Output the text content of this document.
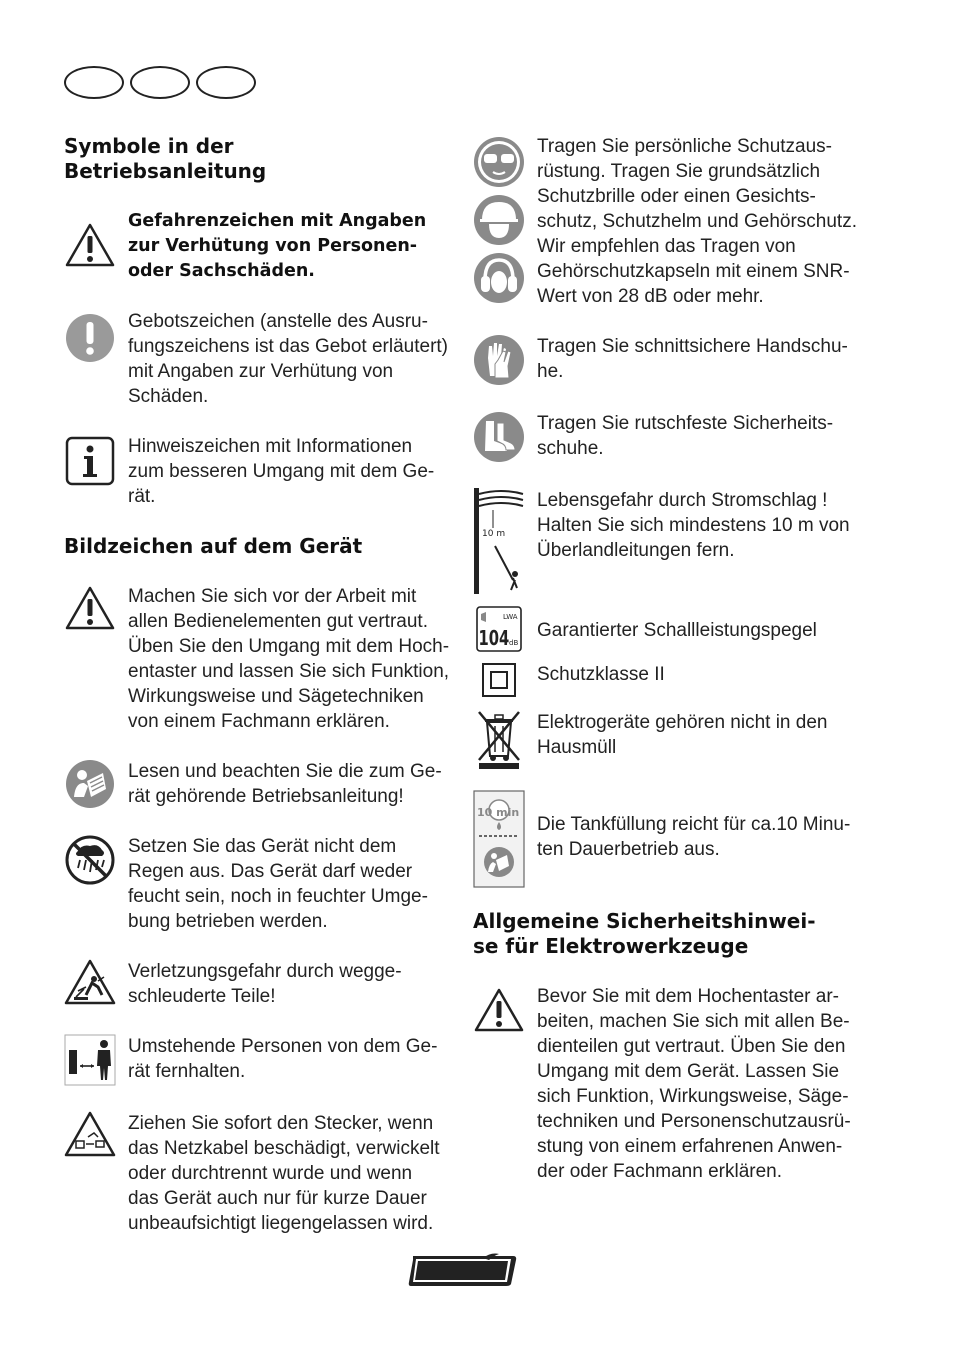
Symbole in der
Betriebsanleitung
Gefahrenzeichen mit Angaben
zur Verhütung von Personen-
oder Sachschäden.
Gebotszeichen (anstelle des Ausru-
fungszeichens ist das Gebot erläutert)
mit Angaben zur Verhütung von
Schäden.
Hinweiszeichen mit Informationen
zum besseren Umgang mit dem Ge-
rät.
Bildzeichen auf dem Gerät
Machen Sie sich vor der Arbeit mit
allen Bedienelementen gut vertraut.
Üben Sie den Umgang mit dem Hoch-
entaster und lassen Sie sich Funktion,
Wirkungsweise und Sägetechniken
von einem Fachmann erklären.
Lesen und beachten Sie die zum Ge-
rät gehörende Betriebsanleitung!
Setzen Sie das Gerät nicht dem
Regen aus. Das Gerät darf weder
feucht sein, noch in feuchter Umge-
bung betrieben werden.
Verletzungsgefahr durch wegge-
schleuderte Teile!
Umstehende Personen von dem Ge-
rät fernhalten.
Ziehen Sie sofort den Stecker, wenn
das Netzkabel beschädigt, verwickelt
oder durchtrennt wurde und wenn
das Gerät auch nur für kurze Dauer
unbeaufsichtigt liegengelassen wird.
Tragen Sie persönliche Schutzaus-
rüstung. Tragen Sie grundsätzlich
Schutzbrille oder einen Gesichts-
schutz, Schutzhelm und Gehörschutz.
Wir empfehlen das Tragen von
Gehörschutzkapseln mit einem SNR-
Wert von 28 dB oder mehr.
Tragen Sie schnittsichere Handschu-
he.
Tragen Sie rutschfeste Sicherheits-
schuhe.
10 m
Lebensgefahr durch Stromschlag !
Halten Sie sich mindestens 10 m von
Überlandleitungen fern.
LWA
104 dB
Garantierter Schallleistungspegel
Schutzklasse II
Elektrogeräte gehören nicht in den
Hausmüll
10 min
Die Tankfüllung reicht für ca.10 Minu-
ten Dauerbetrieb aus.
Allgemeine Sicherheitshinwei-
se für Elektrowerkzeuge
Bevor Sie mit dem Hochentaster ar-
beiten, machen Sie sich mit allen Be-
dienteilen gut vertraut. Üben Sie den
Umgang mit dem Gerät. Lassen Sie
sich Funktion, Wirkungsweise, Säge-
techniken und Personenschutzausrü-
stung von einem erfahrenen Anwen-
der oder Fachmann erklären.
